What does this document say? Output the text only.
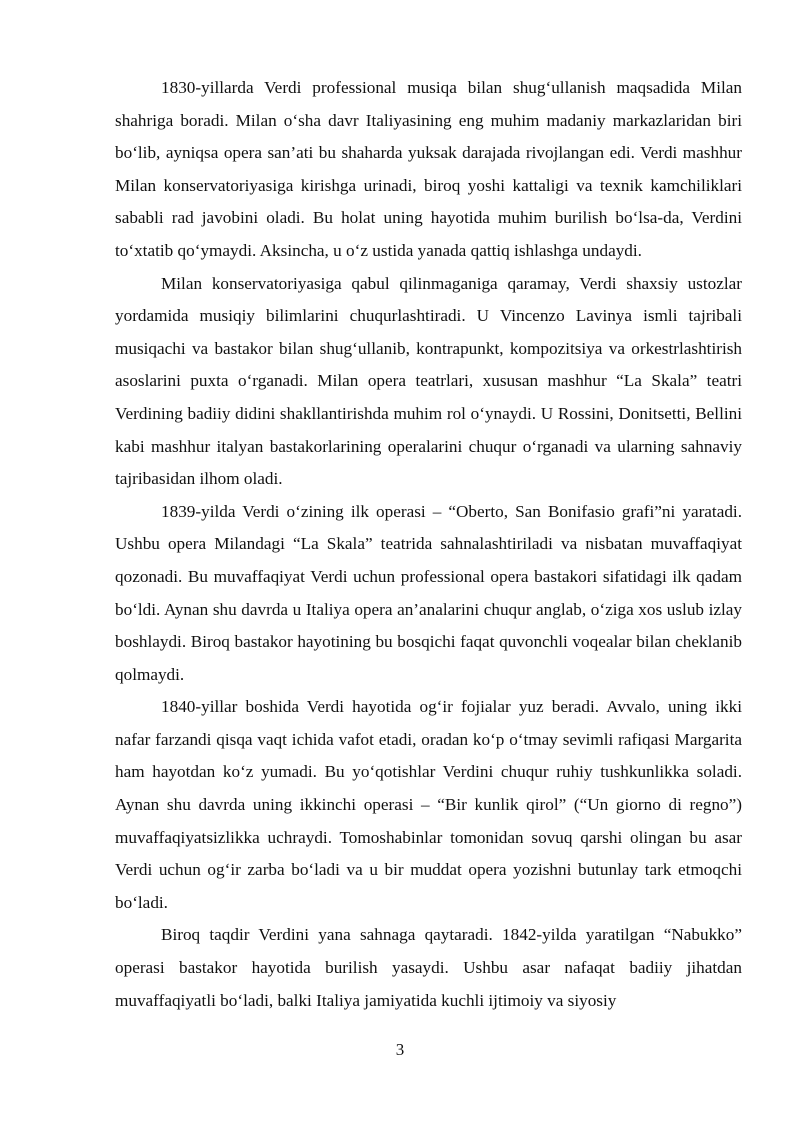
1830-yillarda Verdi professional musiqa bilan shug‘ullanish maqsadida Milan shahriga boradi. Milan o‘sha davr Italiyasining eng muhim madaniy markazlaridan biri bo‘lib, ayniqsa opera san’ati bu shaharda yuksak darajada rivojlangan edi. Verdi mashhur Milan konservatoriyasiga kirishga urinadi, biroq yoshi kattaligi va texnik kamchiliklari sababli rad javobini oladi. Bu holat uning hayotida muhim burilish bo‘lsa-da, Verdini to‘xtatib qo‘ymaydi. Aksincha, u o‘z ustida yanada qattiq ishlashga undaydi.

Milan konservatoriyasiga qabul qilinmaganiga qaramay, Verdi shaxsiy ustozlar yordamida musiqiy bilimlarini chuqurlashtiradi. U Vincenzo Lavinya ismli tajribali musiqachi va bastakor bilan shug‘ullanib, kontrapunkt, kompozitsiya va orkestrlashtirish asoslarini puxta o‘rganadi. Milan opera teatrlari, xususan mashhur “La Skala” teatri Verdining badiiy didini shakllantirishda muhim rol o‘ynaydi. U Rossini, Donitsetti, Bellini kabi mashhur italyan bastakorlarining operalarini chuqur o‘rganadi va ularning sahnaviy tajribasidan ilhom oladi.

1839-yilda Verdi o‘zining ilk operasi – “Oberto, San Bonifasio grafi”ni yaratadi. Ushbu opera Milandagi “La Skala” teatrida sahnalashtiriladi va nisbatan muvaffaqiyat qozonadi. Bu muvaffaqiyat Verdi uchun professional opera bastakori sifatidagi ilk qadam bo‘ldi. Aynan shu davrda u Italiya opera an’analarini chuqur anglab, o‘ziga xos uslub izlay boshlaydi. Biroq bastakor hayotining bu bosqichi faqat quvonchli voqealar bilan cheklanib qolmaydi.

1840-yillar boshida Verdi hayotida og‘ir fojialar yuz beradi. Avvalo, uning ikki nafar farzandi qisqa vaqt ichida vafot etadi, oradan ko‘p o‘tmay sevimli rafiqasi Margarita ham hayotdan ko‘z yumadi. Bu yo‘qotishlar Verdini chuqur ruhiy tushkunlikka soladi. Aynan shu davrda uning ikkinchi operasi – “Bir kunlik qirol” (“Un giorno di regno”) muvaffaqiyatsizlikka uchraydi. Tomoshabinlar tomonidan sovuq qarshi olingan bu asar Verdi uchun og‘ir zarba bo‘ladi va u bir muddat opera yozishni butunlay tark etmoqchi bo‘ladi.

Biroq taqdir Verdini yana sahnaga qaytaradi. 1842-yilda yaratilgan “Nabukko” operasi bastakor hayotida burilish yasaydi. Ushbu asar nafaqat badiiy jihatdan muvaffaqiyatli bo‘ladi, balki Italiya jamiyatida kuchli ijtimoiy va siyosiy

3
